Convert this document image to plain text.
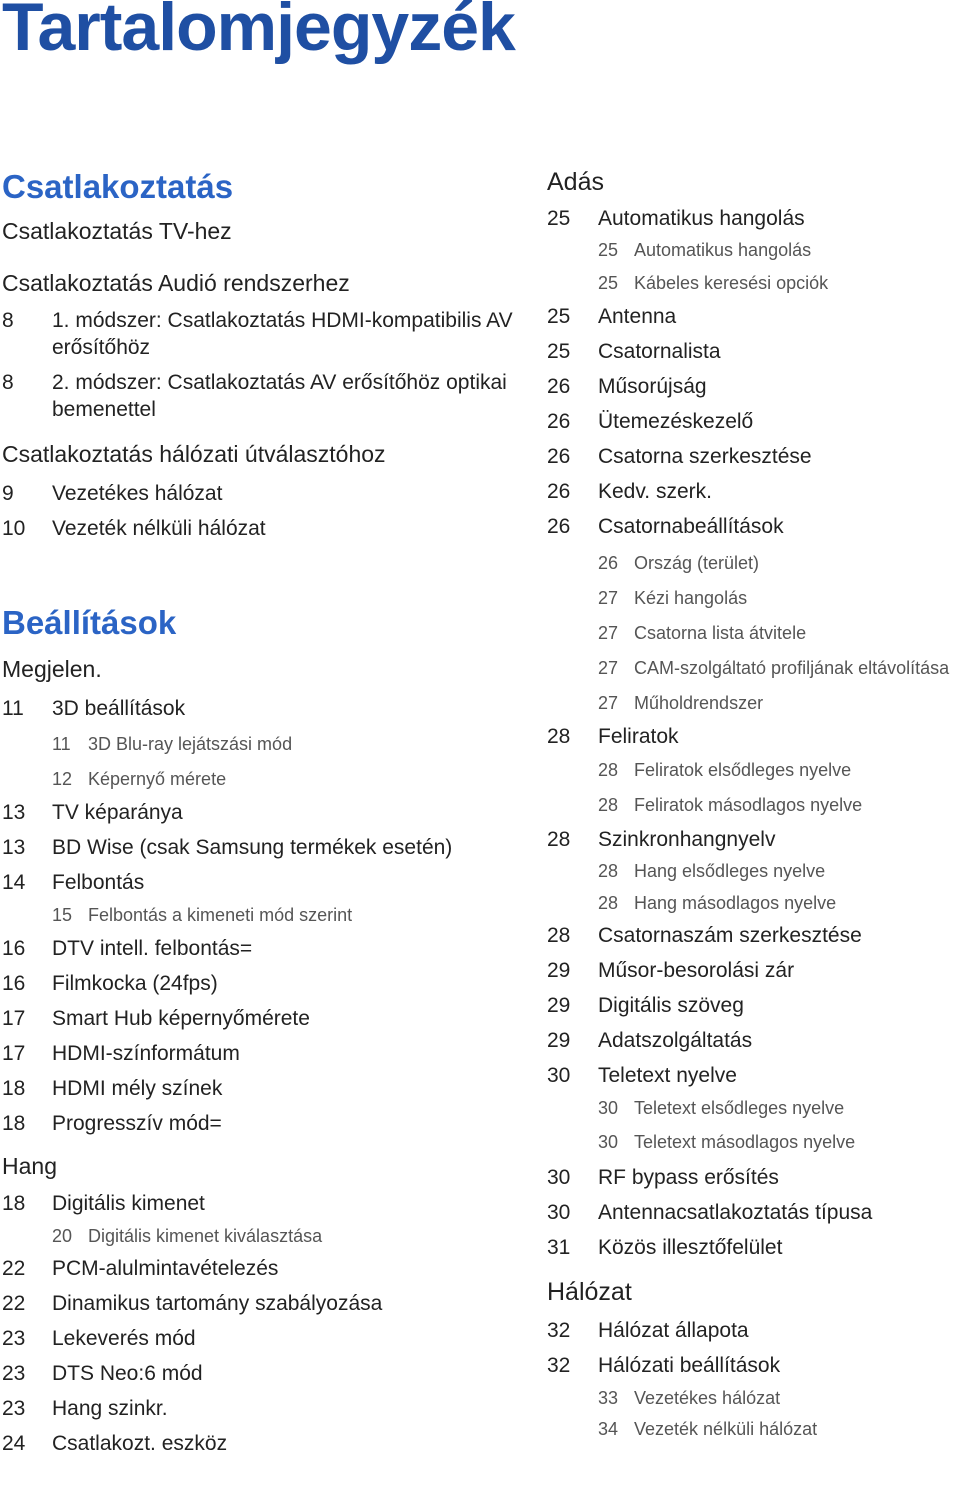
Tartalomjegyzék
Csatlakoztatás
Csatlakoztatás TV-hez
Csatlakoztatás Audió rendszerhez
8	1. módszer: Csatlakoztatás HDMI-kompatibilis AV erősítőhöz
8	2. módszer: Csatlakoztatás AV erősítőhöz optikai bemenettel
Csatlakoztatás hálózati útválasztóhoz
9	Vezetékes hálózat
10	Vezeték nélküli hálózat
Beállítások
Megjelen.
11	3D beállítások
11 3D Blu-ray lejátszási mód
12 Képernyő mérete
13	TV képaránya
13	BD Wise (csak Samsung termékek esetén)
14	Felbontás
15 Felbontás a kimeneti mód szerint
16	DTV intell. felbontás=
16	Filmkocka (24fps)
17	Smart Hub képernyőmérete
17	HDMI-színformátum
18	HDMI mély színek
18	Progresszív mód=
Hang
18	Digitális kimenet
20 Digitális kimenet kiválasztása
22	PCM-alulmintavételezés
22	Dinamikus tartomány szabályozása
23	Lekeverés mód
23	DTS Neo:6 mód
23	Hang szinkr.
24	Csatlakozt. eszköz
Adás
25	Automatikus hangolás
25 Automatikus hangolás
25 Kábeles keresési opciók
25	Antenna
25	Csatornalista
26	Műsorújság
26	Ütemezéskezelő
26	Csatorna szerkesztése
26	Kedv. szerk.
26	Csatornabeállítások
26 Ország (terület)
27 Kézi hangolás
27 Csatorna lista átvitele
27 CAM-szolgáltató profiljának eltávolítása
27 Műholdrendszer
28	Feliratok
28 Feliratok elsődleges nyelve
28 Feliratok másodlagos nyelve
28	Szinkronhangnyelv
28 Hang elsődleges nyelve
28 Hang másodlagos nyelve
28	Csatornaszám szerkesztése
29	Műsor-besorolási zár
29	Digitális szöveg
29	Adatszolgáltatás
30	Teletext nyelve
30 Teletext elsődleges nyelve
30 Teletext másodlagos nyelve
30	RF bypass erősítés
30	Antennacsatlakoztatás típusa
31	Közös illesztőfelület
Hálózat
32	Hálózat állapota
32	Hálózati beállítások
33 Vezetékes hálózat
34 Vezeték nélküli hálózat
